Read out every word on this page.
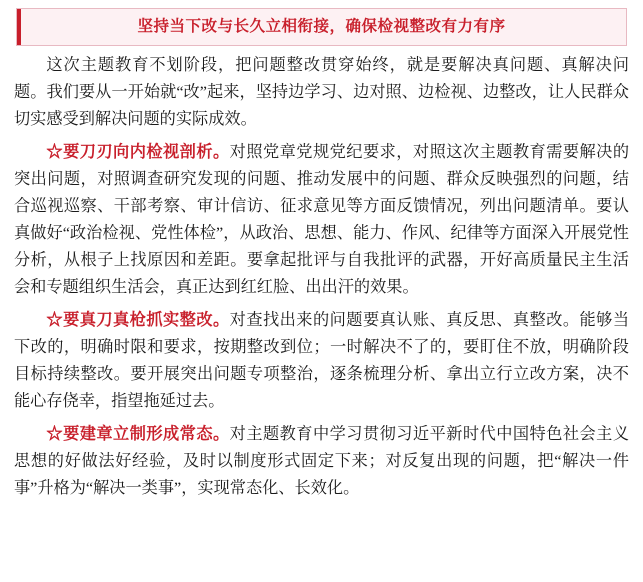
坚持当下改与长久立相衔接，确保检视整改有力有序

这次主题教育不划阶段，把问题整改贯穿始终，就是要解决真问题、真解决问题。我们要从一开始就“改”起来，坚持边学习、边对照、边检视、边整改，让人民群众切实感受到解决问题的实际成效。

☆要刀刃向内检视剖析。对照党章党规党纪要求，对照这次主题教育需要解决的突出问题，对照调查研究发现的问题、推动发展中的问题、群众反映强烈的问题，结合巡视巡察、干部考察、审计信访、征求意见等方面反馈情况，列出问题清单。要认真做好“政治检视、党性体检”，从政治、思想、能力、作风、纪律等方面深入开展党性分析，从根子上找原因和差距。要拿起批评与自我批评的武器，开好高质量民主生活会和专题组织生活会，真正达到红红脸、出出汗的效果。

☆要真刀真枪抓实整改。对查找出来的问题要真认账、真反思、真整改。能够当下改的，明确时限和要求，按期整改到位；一时解决不了的，要盯住不放，明确阶段目标持续整改。要开展突出问题专项整治，逐条梳理分析、拿出立行立改方案，决不能心存侥幸，指望拖延过去。

☆要建章立制形成常态。对主题教育中学习贯彻习近平新时代中国特色社会主义思想的好做法好经验，及时以制度形式固定下来；对反复出现的问题，把“解决一件事”升格为“解决一类事”，实现常态化、长效化。
